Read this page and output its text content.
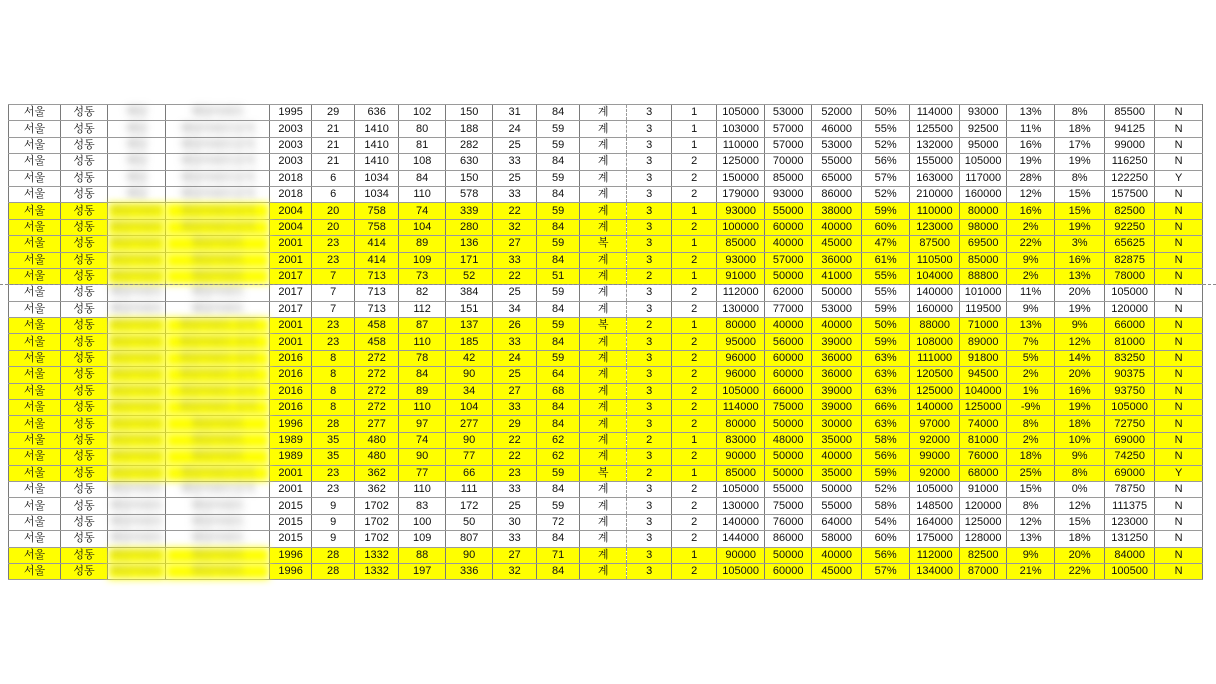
서울	성동	해당	해당아파트	1995	29	636	102	150	31	84	계	3	1	105000	53000	52000	50%	114000	93000	13%	8%	85500	N
서울	성동	해당	해당아파트단지	2003	21	1410	80	188	24	59	계	3	1	103000	57000	46000	55%	125500	92500	11%	18%	94125	N
서울	성동	해당	해당아파트단지	2003	21	1410	81	282	25	59	계	3	1	110000	57000	53000	52%	132000	95000	16%	17%	99000	N
서울	성동	해당	해당아파트단지	2003	21	1410	108	630	33	84	계	3	2	125000	70000	55000	56%	155000	105000	19%	19%	116250	N
서울	성동	해당	해당아파트단지	2018	6	1034	84	150	25	59	계	3	2	150000	85000	65000	57%	163000	117000	28%	8%	122250	Y
서울	성동	해당	해당아파트단지	2018	6	1034	110	578	33	84	계	3	2	179000	93000	86000	52%	210000	160000	12%	15%	157500	N
서울	성동	해당아파트	해당아파트단지	2004	20	758	74	339	22	59	계	3	1	93000	55000	38000	59%	110000	80000	16%	15%	82500	N
서울	성동	해당아파트	해당아파트단지	2004	20	758	104	280	32	84	계	3	2	100000	60000	40000	60%	123000	98000	2%	19%	92250	N
서울	성동	해당아파트	해당아파트	2001	23	414	89	136	27	59	복	3	1	85000	40000	45000	47%	87500	69500	22%	3%	65625	N
서울	성동	해당아파트	해당아파트	2001	23	414	109	171	33	84	계	3	2	93000	57000	36000	61%	110500	85000	9%	16%	82875	N
서울	성동	해당아파트	해당아파트	2017	7	713	73	52	22	51	계	2	1	91000	50000	41000	55%	104000	88800	2%	13%	78000	N
서울	성동	해당아파트	해당아파트	2017	7	713	82	384	25	59	계	3	2	112000	62000	50000	55%	140000	101000	11%	20%	105000	N
서울	성동	해당아파트	해당아파트	2017	7	713	112	151	34	84	계	3	2	130000	77000	53000	59%	160000	119500	9%	19%	120000	N
서울	성동	해당아파트	해당아파트 단지	2001	23	458	87	137	26	59	복	2	1	80000	40000	40000	50%	88000	71000	13%	9%	66000	N
서울	성동	해당아파트	해당아파트 단지	2001	23	458	110	185	33	84	계	3	2	95000	56000	39000	59%	108000	89000	7%	12%	81000	N
서울	성동	해당아파트	해당아파트 단지	2016	8	272	78	42	24	59	계	3	2	96000	60000	36000	63%	111000	91800	5%	14%	83250	N
서울	성동	해당아파트	해당아파트 단지	2016	8	272	84	90	25	64	계	3	2	96000	60000	36000	63%	120500	94500	2%	20%	90375	N
서울	성동	해당아파트	해당아파트 단지	2016	8	272	89	34	27	68	계	3	2	105000	66000	39000	63%	125000	104000	1%	16%	93750	N
서울	성동	해당아파트	해당아파트 단지	2016	8	272	110	104	33	84	계	3	2	114000	75000	39000	66%	140000	125000	-9%	19%	105000	N
서울	성동	해당아파트	해당아파트	1996	28	277	97	277	29	84	계	3	2	80000	50000	30000	63%	97000	74000	8%	18%	72750	N
서울	성동	해당아파트	해당아파트	1989	35	480	74	90	22	62	계	2	1	83000	48000	35000	58%	92000	81000	2%	10%	69000	N
서울	성동	해당아파트	해당아파트	1989	35	480	90	77	22	62	계	3	2	90000	50000	40000	56%	99000	76000	18%	9%	74250	N
서울	성동	해당아파트	해당아파트단지	2001	23	362	77	66	23	59	복	2	1	85000	50000	35000	59%	92000	68000	25%	8%	69000	Y
서울	성동	해당아파트	해당아파트단지	2001	23	362	110	111	33	84	계	3	2	105000	55000	50000	52%	105000	91000	15%	0%	78750	N
서울	성동	해당아파트	해당아파트	2015	9	1702	83	172	25	59	계	3	2	130000	75000	55000	58%	148500	120000	8%	12%	111375	N
서울	성동	해당아파트	해당아파트	2015	9	1702	100	50	30	72	계	3	2	140000	76000	64000	54%	164000	125000	12%	15%	123000	N
서울	성동	해당아파트	해당아파트	2015	9	1702	109	807	33	84	계	3	2	144000	86000	58000	60%	175000	128000	13%	18%	131250	N
서울	성동	해당아파트	해당아파트	1996	28	1332	88	90	27	71	계	3	1	90000	50000	40000	56%	112000	82500	9%	20%	84000	N
서울	성동	해당아파트	해당아파트	1996	28	1332	197	336	32	84	계	3	2	105000	60000	45000	57%	134000	87000	21%	22%	100500	N
